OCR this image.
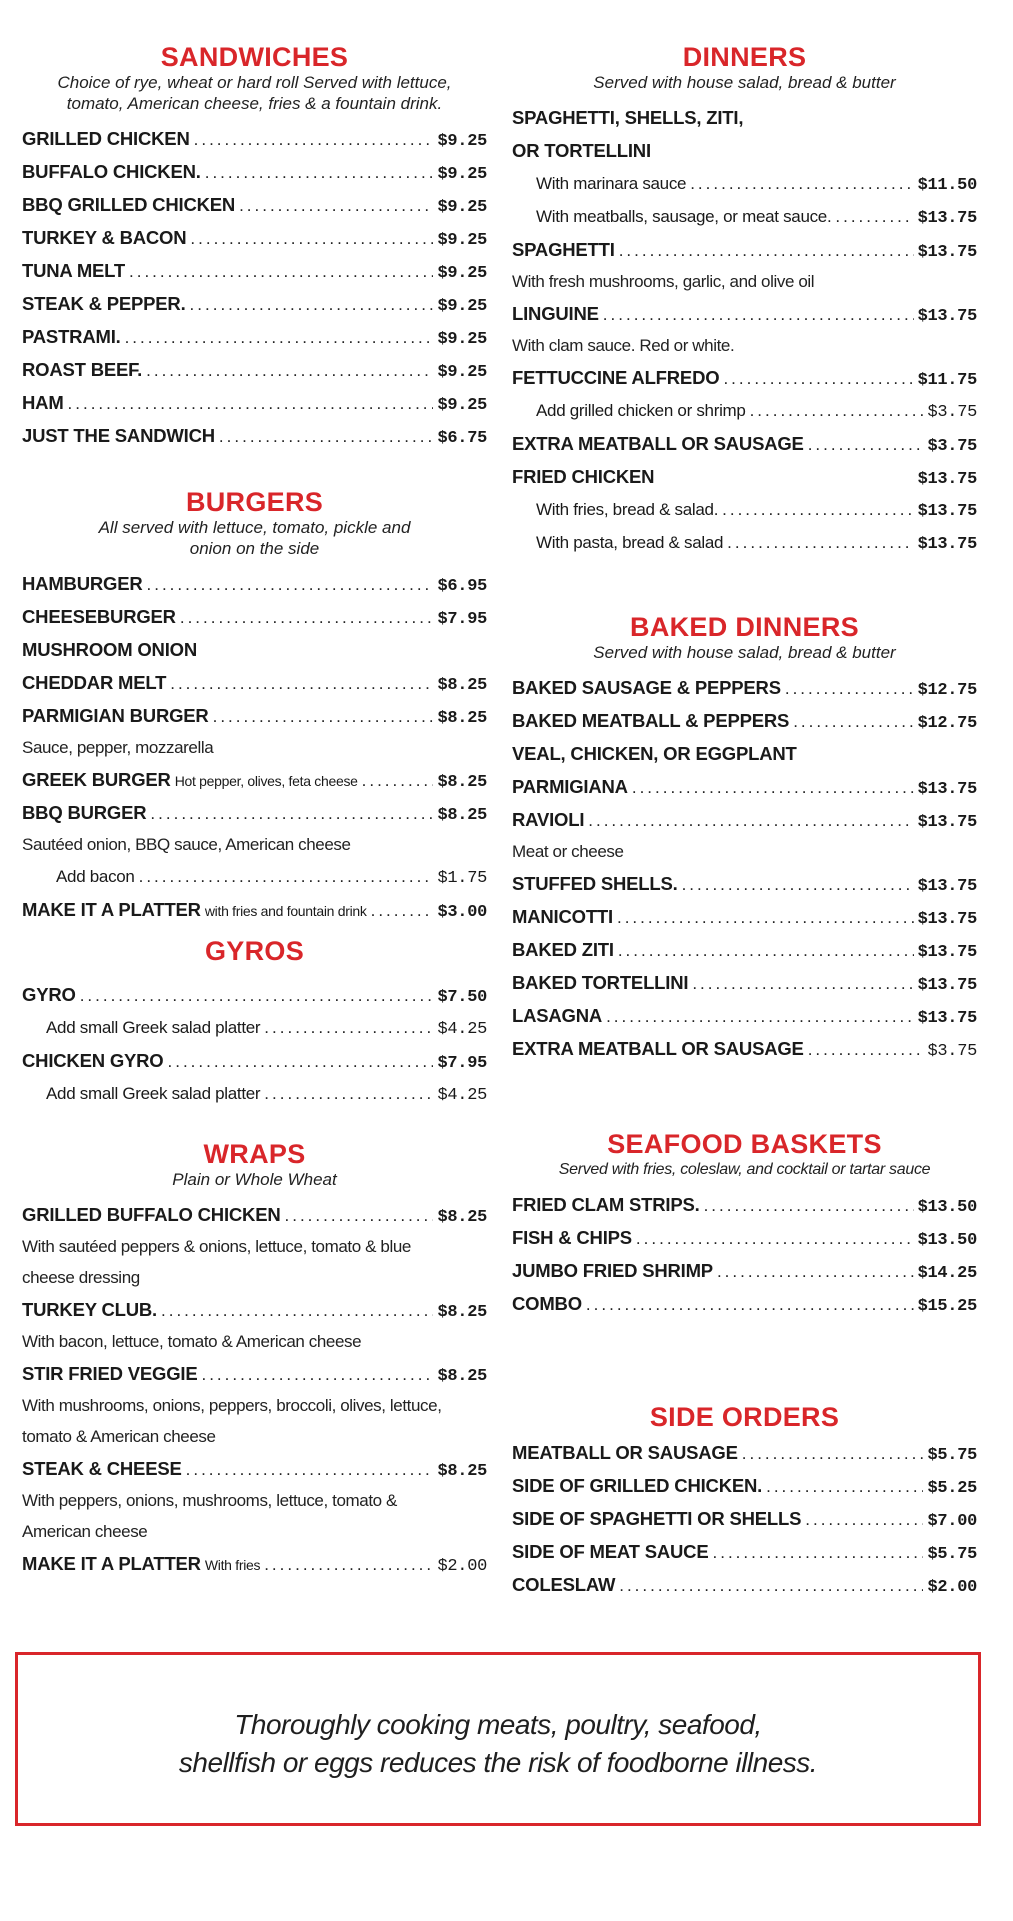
SANDWICHES
Choice of rye, wheat or hard roll Served with lettuce,
tomato, American cheese, fries & a fountain drink.
GRILLED CHICKEN .....	$9.25
BUFFALO CHICKEN. .....	$9.25
BBQ GRILLED CHICKEN .....	$9.25
TURKEY & BACON .....	$9.25
TUNA MELT .....	$9.25
STEAK & PEPPER. .....	$9.25
PASTRAMI. .....	$9.25
ROAST BEEF. .....	$9.25
HAM .....	$9.25
JUST THE SANDWICH .....	$6.75
BURGERS
All served with lettuce, tomato, pickle and
onion on the side
HAMBURGER .....	$6.95
CHEESEBURGER .....	$7.95
MUSHROOM ONION
CHEDDAR MELT .....	$8.25
PARMIGIAN BURGER .....	$8.25
Sauce, pepper, mozzarella
GREEK BURGER Hot pepper, olives, feta cheese .....	$8.25
BBQ BURGER .....	$8.25
Sautéed onion, BBQ sauce, American cheese
Add bacon .....	$1.75
MAKE IT A PLATTER with fries and fountain drink .....	$3.00
GYROS
GYRO .....	$7.50
Add small Greek salad platter .....	$4.25
CHICKEN GYRO .....	$7.95
Add small Greek salad platter .....	$4.25
WRAPS
Plain or Whole Wheat
GRILLED BUFFALO CHICKEN .....	$8.25
With sautéed peppers & onions, lettuce, tomato & blue
cheese dressing
TURKEY CLUB. .....	$8.25
With bacon, lettuce, tomato & American cheese
STIR FRIED VEGGIE .....	$8.25
With mushrooms, onions, peppers, broccoli, olives, lettuce,
tomato & American cheese
STEAK & CHEESE .....	$8.25
With peppers, onions, mushrooms, lettuce, tomato &
American cheese
MAKE IT A PLATTER With fries .....	$2.00
DINNERS
Served with house salad, bread & butter
SPAGHETTI, SHELLS, ZITI,
OR TORTELLINI
With marinara sauce .....	$11.50
With meatballs, sausage, or meat sauce. .....	$13.75
SPAGHETTI .....	$13.75
With fresh mushrooms, garlic, and olive oil
LINGUINE .....	$13.75
With clam sauce. Red or white.
FETTUCCINE ALFREDO .....	$11.75
Add grilled chicken or shrimp .....	$3.75
EXTRA MEATBALL OR SAUSAGE .....	$3.75
FRIED CHICKEN	$13.75
With fries, bread & salad. .....	$13.75
With pasta, bread & salad .....	$13.75
BAKED DINNERS
Served with house salad, bread & butter
BAKED SAUSAGE & PEPPERS .....	$12.75
BAKED MEATBALL & PEPPERS .....	$12.75
VEAL, CHICKEN, OR EGGPLANT
PARMIGIANA .....	$13.75
RAVIOLI .....	$13.75
Meat or cheese
STUFFED SHELLS. .....	$13.75
MANICOTTI .....	$13.75
BAKED ZITI .....	$13.75
BAKED TORTELLINI .....	$13.75
LASAGNA .....	$13.75
EXTRA MEATBALL OR SAUSAGE .....	$3.75
SEAFOOD BASKETS
Served with fries, coleslaw, and cocktail or tartar sauce
FRIED CLAM STRIPS. .....	$13.50
FISH & CHIPS .....	$13.50
JUMBO FRIED SHRIMP .....	$14.25
COMBO .....	$15.25
SIDE ORDERS
MEATBALL OR SAUSAGE .....	$5.75
SIDE OF GRILLED CHICKEN. .....	$5.25
SIDE OF SPAGHETTI OR SHELLS .....	$7.00
SIDE OF MEAT SAUCE .....	$5.75
COLESLAW .....	$2.00
Thoroughly cooking meats, poultry, seafood,
shellfish or eggs reduces the risk of foodborne illness.
